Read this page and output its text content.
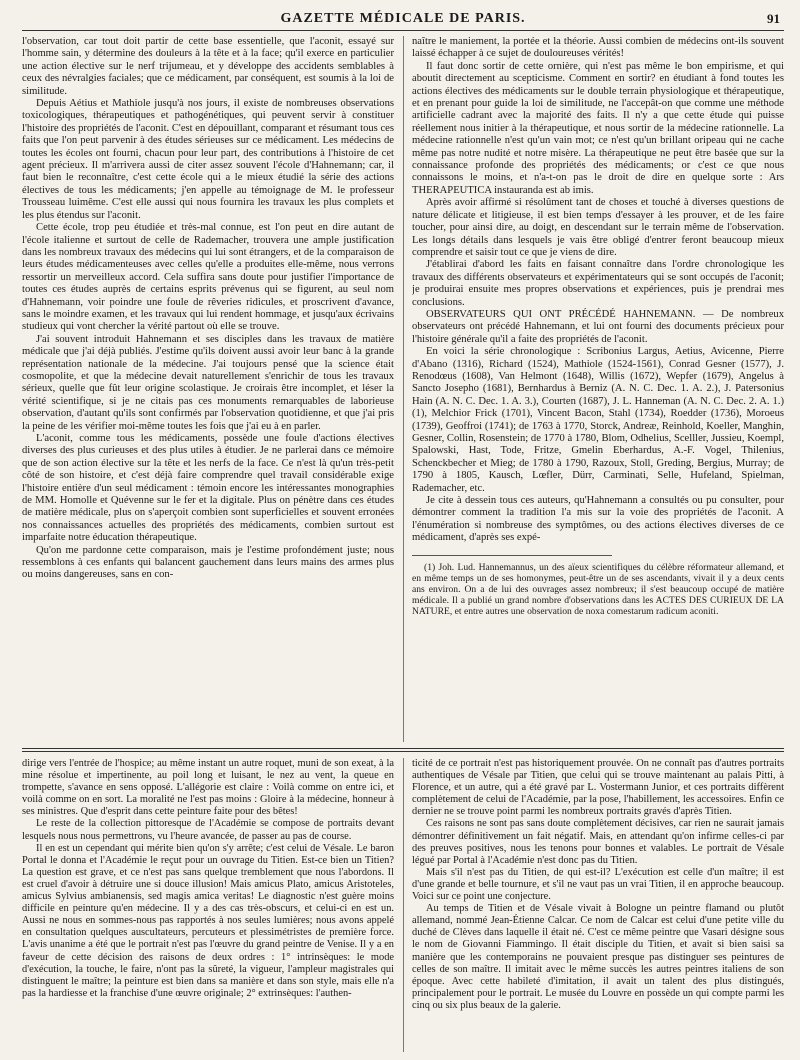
GAZETTE MÉDICALE DE PARIS.	91

l'observation, car tout doit partir de cette base essentielle, que l'aconit, essayé sur l'homme sain, y détermine des douleurs à la tête et à la face; qu'il exerce en particulier une action élective sur le nerf trijumeau, et y développe des accidents semblables à ceux des névralgies faciales; que ce médicament, par conséquent, est soumis à la loi de similitude.

Depuis Aétius et Mathiole jusqu'à nos jours, il existe de nombreuses observations toxicologiques, thérapeutiques et pathogénétiques, qui peuvent servir à constituer l'histoire des propriétés de l'aconit. C'est en dépouillant, comparant et résumant tous ces faits que l'on peut parvenir à des études sérieuses sur ce médicament. Les médecins de toutes les écoles ont fourni, chacun pour leur part, des contributions à l'histoire de cet agent précieux. Il m'arrivera aussi de citer assez souvent l'école d'Hahnemann; car, il faut bien le reconnaître, c'est cette école qui a le mieux étudié la série des actions électives de tous les médicaments; j'en appelle au témoignage de M. le professeur Trousseau luimême. C'est elle aussi qui nous fournira les travaux les plus complets et les plus étendus sur l'aconit.

Cette école, trop peu étudiée et très-mal connue, est l'on peut en dire autant de l'école italienne et surtout de celle de Rademacher, trouvera une ample justification dans les nombreux travaux des médecins qui lui sont étrangers, et de la comparaison de leurs études médicamenteuses avec celles qu'elle a produites elle-même, nous verrons ressortir un merveilleux accord. Cela suffira sans doute pour justifier l'importance de toutes ces études auprès de certains esprits prévenus qui se figurent, au seul nom d'Hahnemann, voir poindre une foule de rêveries ridicules, et proscrivent d'avance, sans le moindre examen, et les travaux qui lui rendent hommage, et jusqu'aux écrivains studieux qui vont chercher la vérité partout où elle se trouve.

J'ai souvent introduit Hahnemann et ses disciples dans les travaux de matière médicale que j'ai déjà publiés. J'estime qu'ils doivent aussi avoir leur banc à la grande représentation nationale de la médecine. J'ai toujours pensé que la science était cosmopolite, et que la médecine devait naturellement s'enrichir de tous les travaux sérieux, quelle que fût leur origine scolastique. Je croirais être incomplet, et léser la vérité scientifique, si je ne citais pas ces monuments remarquables de laborieuse observation, d'autant qu'ils sont confirmés par l'observation quotidienne, et que j'ai pris la peine de les vérifier moi-même toutes les fois que j'ai eu à en parler.

L'aconit, comme tous les médicaments, possède une foule d'actions électives diverses des plus curieuses et des plus utiles à étudier. Je ne parlerai dans ce mémoire que de son action élective sur la tête et les nerfs de la face. Ce n'est là qu'un très-petit côté de son histoire, et c'est déjà faire comprendre quel travail considérable exige l'histoire entière d'un seul médicament : témoin encore les intéressantes monographies de MM. Homolle et Quévenne sur le fer et la digitale. Plus on pénètre dans ces études de matière médicale, plus on s'aperçoit combien sont superficielles et souvent erronées nos connaissances actuelles des propriétés des médicaments, combien surtout est imparfaite notre éducation thérapeutique.

Qu'on me pardonne cette comparaison, mais je l'estime profondément juste; nous ressemblons à ces enfants qui balancent gauchement dans leurs mains des armes plus ou moins dangereuses, sans en con-

naître le maniement, la portée et la théorie. Aussi combien de médecins ont-ils souvent laissé échapper à ce sujet de douloureuses vérités!

Il faut donc sortir de cette ornière, qui n'est pas même le bon empirisme, et qui aboutit directement au scepticisme. Comment en sortir? en étudiant à fond toutes les actions électives des médicaments sur le double terrain physiologique et thérapeutique, et en prenant pour guide la loi de similitude, ne l'accepât-on que comme une méthode artificielle cadrant avec la majorité des faits. Il n'y a que cette étude qui puisse réellement nous initier à la thérapeutique, et nous sortir de la médecine rationnelle. La médecine rationnelle n'est qu'un vain mot; ce n'est qu'un brillant oripeau qui ne cache même pas notre nudité et notre misère. La thérapeutique ne peut être basée que sur la connaissance profonde des propriétés des médicaments; or c'est ce que nous connaissons le moins, et n'a-t-on pas le droit de dire en quelque sorte : Ars THERAPEUTICA instauranda est ab imis.

Après avoir affirmé si résolûment tant de choses et touché à diverses questions de nature délicate et litigieuse, il est bien temps d'essayer à les prouver, et de les faire toucher, pour ainsi dire, au doigt, en descendant sur le terrain même de l'observation. Les longs détails dans lesquels je vais être obligé d'entrer feront beaucoup mieux comprendre et saisir tout ce que je viens de dire.

J'établirai d'abord les faits en faisant connaître dans l'ordre chronologique les travaux des différents observateurs et expérimentateurs qui se sont occupés de l'aconit; je produirai ensuite mes propres observations et expériences, puis je prendrai mes conclusions.

OBSERVATEURS QUI ONT PRÉCÉDÉ HAHNEMANN. — De nombreux observateurs ont précédé Hahnemann, et lui ont fourni des documents précieux pour l'histoire générale qu'il a faite des propriétés de l'aconit.

En voici la série chronologique : Scribonius Largus, Aetius, Avicenne, Pierre d'Abano (1316), Richard (1524), Mathiole (1524-1561), Conrad Gesner (1577), J. Renodœus (1608), Van Helmont (1648), Willis (1672), Wepfer (1679), Angelus à Sancto Josepho (1681), Bernhardus à Berniz (A. N. C. Dec. 1. A. 2.), J. Patersonius Hain (A. N. C. Dec. 1. A. 3.), Courten (1687), J. L. Hanneman (A. N. C. Dec. 2. A. 1.) (1), Melchior Frick (1701), Vincent Bacon, Stahl (1734), Roedder (1736), Moroeus (1739), Geoffroi (1741); de 1763 à 1770, Storck, Andreæ, Reinhold, Koeller, Manghin, Gesner, Collin, Rosenstein; de 1770 à 1780, Blom, Odhelius, Scelller, Jussieu, Koempl, Spalowski, Hast, Tode, Fritze, Gmelin Eberhardus, A.-F. Vogel, Thilenius, Schenckbecher et Mieg; de 1780 à 1790, Razoux, Stoll, Greding, Bergius, Murray; de 1790 à 1805, Kausch, Lœfler, Dürr, Carminati, Selle, Hufeland, Spielman, Rademacher, etc.

Je cite à dessein tous ces auteurs, qu'Hahnemann a consultés ou pu consulter, pour démontrer comment la tradition l'a mis sur la voie des propriétés de l'aconit. A l'énumération si nombreuse des symptômes, ou des actions électives diverses de ce médicament, d'après ses expé-

(1) Joh. Lud. Hannemannus, un des aïeux scientifiques du célèbre réformateur allemand, et en même temps un de ses homonymes, peut-être un de ses ascendants, vivait il y a deux cents ans environ. On a de lui des ouvrages assez nombreux; il s'est beaucoup occupé de matière médicale. Il a publié un grand nombre d'observations dans les ACTES DES CURIEUX DE LA NATURE, et entre autres une observation de noxa comestarum radicum aconiti.

dirige vers l'entrée de l'hospice; au même instant un autre roquet, muni de son exeat, à la mine résolue et impertinente, au poil long et luisant, le nez au vent, la queue en trompette, s'avance en sens opposé. L'allégorie est claire : Voilà comme on entre ici, et voilà comme on en sort. La moralité ne l'est pas moins : Gloire à la médecine, honneur à ses ministres. Que d'esprit dans cette peinture faite pour des bêtes!

Le reste de la collection pittoresque de l'Académie se compose de portraits devant lesquels nous nous permettrons, vu l'heure avancée, de passer au pas de course.

Il en est un cependant qui mérite bien qu'on s'y arrête; c'est celui de Vésale. Le baron Portal le donna et l'Académie le reçut pour un ouvrage du Titien. Est-ce bien un Titien? La question est grave, et ce n'est pas sans quelque tremblement que nous l'abordons. Il est cruel d'avoir à détruire une si douce illusion! Mais amicus Plato, amicus Aristoteles, amicus Sylvius ambianensis, sed magis amica veritas! Le diagnostic n'est guère moins difficile en peinture qu'en médecine. Il y a des cas très-obscurs, et celui-ci en est un. Aussi ne nous en sommes-nous pas rapportés à nos seules lumières; nous avons appelé en consultation quelques auscultateurs, percuteurs et plessimétristes de première force. L'avis unanime a été que le portrait n'est pas l'œuvre du grand peintre de Venise. Il y a en faveur de cette décision des raisons de deux ordres : 1° intrinsèques: le mode d'exécution, la touche, le faire, n'ont pas la sûreté, la vigueur, l'ampleur magistrales qui distinguent le maître; la peinture est bien dans sa manière et dans son style, mais elle n'a pas la hardiesse et la franchise d'une œuvre originale; 2° extrinsèques: l'authen-

ticité de ce portrait n'est pas historiquement prouvée. On ne connaît pas d'autres portraits authentiques de Vésale par Titien, que celui qui se trouve maintenant au palais Pitti, à Florence, et un autre, qui a été gravé par L. Vostermann Junior, et ces portraits diffèrent complètement de celui de l'Académie, par la pose, l'habillement, les accessoires. Enfin ce dernier ne se trouve point parmi les nombreux portraits gravés d'après Titien.

Ces raisons ne sont pas sans doute complètement décisives, car rien ne saurait jamais démontrer définitivement un fait négatif. Mais, en attendant qu'on infirme celles-ci par des preuves positives, nous les tenons pour bonnes et valables. Le portrait de Vésale légué par Portal à l'Académie n'est donc pas du Titien.

Mais s'il n'est pas du Titien, de qui est-il? L'exécution est celle d'un maître; il est d'une grande et belle tournure, et s'il ne vaut pas un vrai Titien, il en approche beaucoup. Voici sur ce point une conjecture.

Au temps de Titien et de Vésale vivait à Bologne un peintre flamand ou plutôt allemand, nommé Jean-Étienne Calcar. Ce nom de Calcar est celui d'une petite ville du duché de Clèves dans laquelle il était né. C'est ce même peintre que Vasari désigne sous le nom de Giovanni Fiammingo. Il était disciple du Titien, et avait si bien saisi sa manière que les contemporains ne pouvaient presque pas distinguer ses peintures de celles de son maître. Il imitait avec le même succès les autres peintres italiens de son époque. Avec cette habileté d'imitation, il avait un talent des plus distingués, principalement pour le portrait. Le musée du Louvre en possède un qui compte parmi les cinq ou six plus beaux de la galerie.
